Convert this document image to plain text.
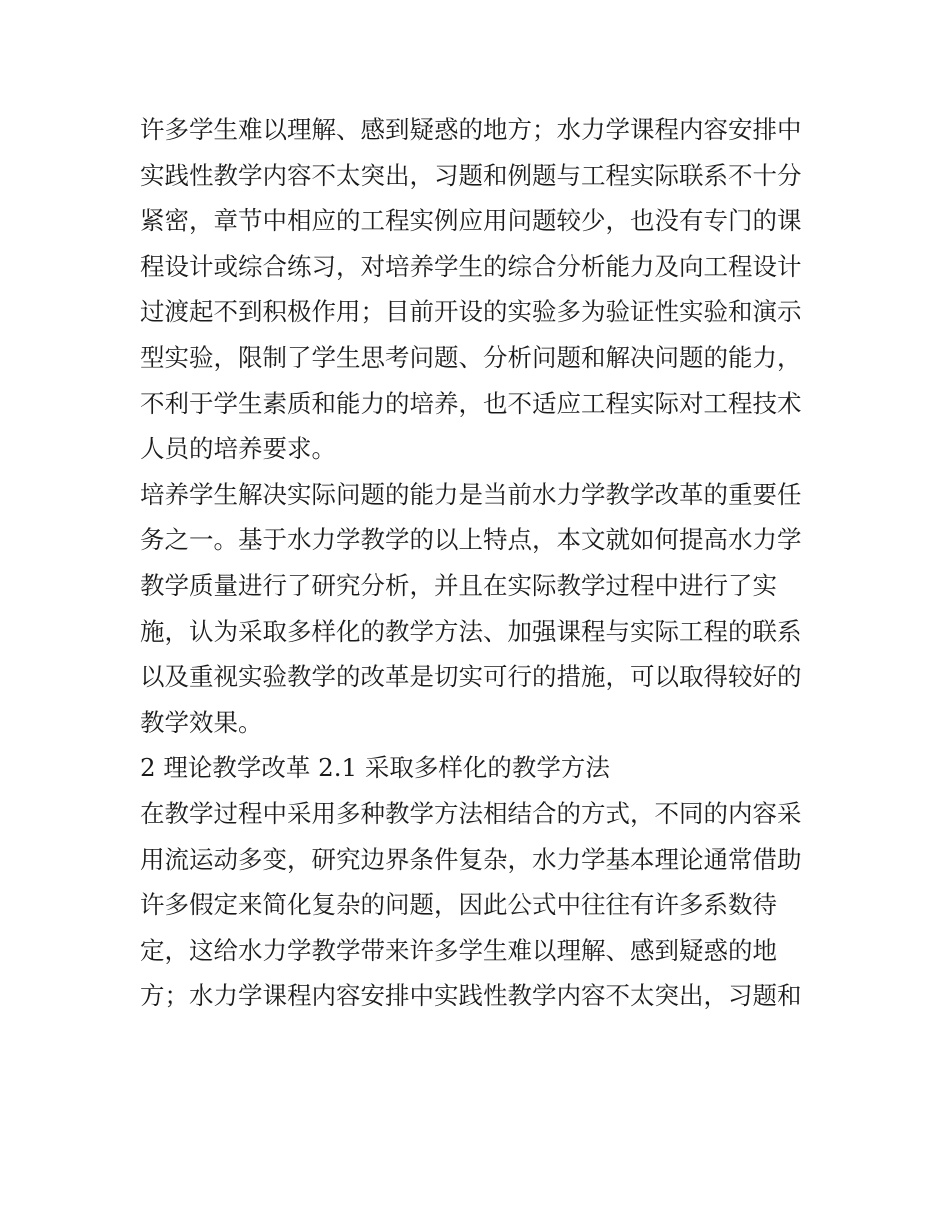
许多学生难以理解、感到疑惑的地方；水力学课程内容安排中
实践性教学内容不太突出，习题和例题与工程实际联系不十分
紧密，章节中相应的工程实例应用问题较少，也没有专门的课
程设计或综合练习，对培养学生的综合分析能力及向工程设计
过渡起不到积极作用；目前开设的实验多为验证性实验和演示
型实验，限制了学生思考问题、分析问题和解决问题的能力，
不利于学生素质和能力的培养，也不适应工程实际对工程技术
人员的培养要求。
培养学生解决实际问题的能力是当前水力学教学改革的重要任
务之一。基于水力学教学的以上特点，本文就如何提高水力学
教学质量进行了研究分析，并且在实际教学过程中进行了实
施，认为采取多样化的教学方法、加强课程与实际工程的联系
以及重视实验教学的改革是切实可行的措施，可以取得较好的
教学效果。
2 理论教学改革 2.1 采取多样化的教学方法
在教学过程中采用多种教学方法相结合的方式，不同的内容采
用流运动多变，研究边界条件复杂，水力学基本理论通常借助
许多假定来简化复杂的问题，因此公式中往往有许多系数待
定，这给水力学教学带来许多学生难以理解、感到疑惑的地
方；水力学课程内容安排中实践性教学内容不太突出，习题和
